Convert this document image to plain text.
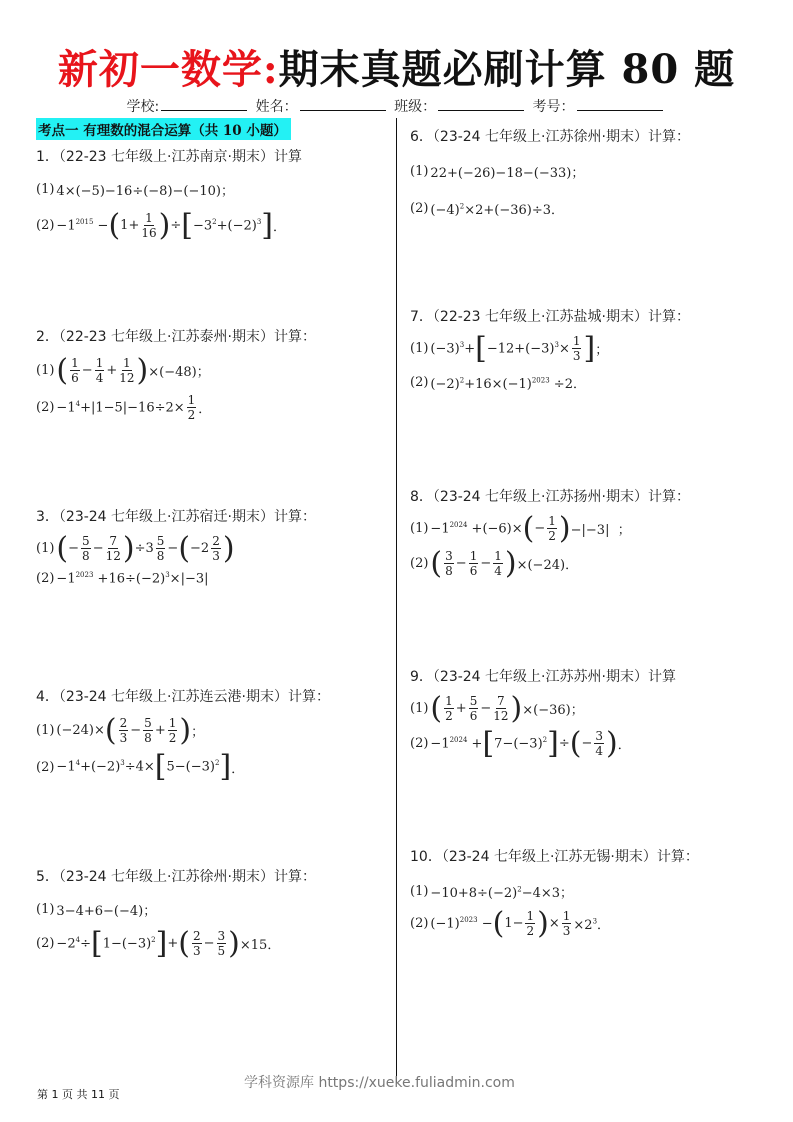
新初一数学:期末真题必刷计算 80 题
学校:	姓名：	班级：	考号：
考点一 有理数的混合运算（共 10 小题）
1．（22-23 七年级上·江苏南京·期末）计算
(1) 4×(−5)−16÷(−8)−(−10)；
$(2) -1^{2015}$ − ( $1+ \frac{1}{16}$ ) ÷ [ $-3^2+(-2)^3$ ] ．
2．（22-23 七年级上·江苏泰州·期末）计算：
(1) ( $\frac{1}{6} - \frac{1}{4} + \frac{1}{12}$ ) ×(−48)；
$(2) -1^4+|1-5|-16\div 2\times \frac{1}{2}$ ．
3．（23-24 七年级上·江苏宿迁·期末）计算：
(1) ( − $\frac{5}{8} - \frac{7}{12}$ ) $\div 3 \frac{5}{8}$ − ( $-2 \frac{2}{3}$ )
$(2) -1^{2023} +16\div(-2)^3\times|-3|$
4．（23-24 七年级上·江苏连云港·期末）计算：
(1) (−24)× ( $\frac{2}{3} - \frac{5}{8} + \frac{1}{2}$ ) ；
$(2) -1^4+(-2)^3\div 4\times$ [ $5-(-3)^2$ ] ．
5．（23-24 七年级上·江苏徐州·期末）计算：
(1) 3−4+6−(−4)；
$(2) -2^4\div$ [ $1-(-3)^2$ ] + ( $\frac{2}{3} - \frac{3}{5}$ ) ×15．
6．（23-24 七年级上·江苏徐州·期末）计算：
(1) 22+(−26)−18−(−33)；
(2) $(-4)^2\times 2+(-36)\div 3$．
7．（22-23 七年级上·江苏盐城·期末）计算：
(1) $(-3)^3+$ [ $-12+(-3)^3\times \frac{1}{3}$ ] ；
(2) $(-2)^2+16\times(-1)^{2023} \div 2$．
8．（23-24 七年级上·江苏扬州·期末）计算：
$(1) -1^{2024} +(-6)\times$ ( − $\frac{1}{2}$ ) −|−3|  ；
(2) ( $\frac{3}{8} - \frac{1}{6} - \frac{1}{4}$ ) ×(−24)．
9．（23-24 七年级上·江苏苏州·期末）计算
(1) ( $\frac{1}{2} + \frac{5}{6} - \frac{7}{12}$ ) ×(−36)；
$(2) -1^{2024}$ + [ $7-(-3)^2$ ] ÷ ( − $\frac{3}{4}$ ) ．
10．（23-24 七年级上·江苏无锡·期末）计算：
$(1) -10+8\div(-2)^2-4\times 3$；
(2) $(-1)^{2023}$ − ( $1- \frac{1}{2}$ ) × $\frac{1}{3} \times 2^3$．
学科资源库 https://xueke.fuliadmin.com
第 1 页 共 11 页
